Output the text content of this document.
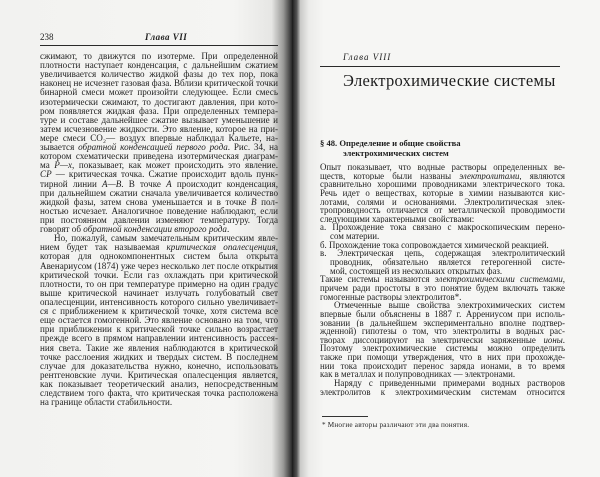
238	Глава VII
сжимают, то движутся по изотерме. При определенной
плотности наступает конденсация, с дальнейшим сжатием
увеличивается количество жидкой фазы до тех пор, пока
наконец не исчезнет газовая фаза. Вблизи критической точки
бинарной смеси может произойти следующее. Если смесь
изотермически сжимают, то достигают давления, при кото-
ром появляется жидкая фаза. При определенных темпера-
туре и составе дальнейшее сжатие вызывает уменьшение и
затем исчезновение жидкости. Это явление, которое на при-
мере смеси CO₂— воздух впервые наблюдал Кальете, на-
зывается обратной конденсацией первого рода. Рис. 34, на
котором схематически приведена изотермическая диаграм-
ма P—x, показывает, как может происходить это явление.
CP — критическая точка. Сжатие происходит вдоль пунк-
тирной линии A—B. В точке A происходит конденсация,
при дальнейшем сжатии сначала увеличивается количество
жидкой фазы, затем снова уменьшается и в точке B пол-
ностью исчезает. Аналогичное поведение наблюдают, если
при постоянном давлении изменяют температуру. Тогда
говорят об обратной конденсации второго рода.
Но, пожалуй, самым замечательным критическим явле-
нием будет так называемая критическая опалесценция,
которая для однокомпонентных систем была открыта
Авенариусом (1874) уже через несколько лет после открытия
критической точки. Если газ охлаждать при критической
плотности, то он при температуре примерно на один градус
выше критической начинает излучать голубоватый свет
опалесценции, интенсивность которого сильно увеличивает-
ся с приближением к критической точке, хотя система все
еще остается гомогенной. Это явление основано на том, что
при приближении к критической точке сильно возрастает
прежде всего в прямом направлении интенсивность рассея-
ния света. Такие же явления наблюдаются в критической
точке расслоения жидких и твердых систем. В последнем
случае для доказательства нужно, конечно, использовать
рентгеновские лучи. Критическая опалесценция является,
как показывает теоретический анализ, непосредственным
следствием того факта, что критическая точка расположена
на границе области стабильности.
Глава VIII
Электрохимические системы
§ 48. Определение и общие свойства
электрохимических систем
Опыт показывает, что водные растворы определенных ве-
ществ, которые были названы электролитами, являются
сравнительно хорошими проводниками электрического тока.
Речь идет о веществах, которые в химии называются кис-
лотами, солями и основаниями. Электролитическая элек-
тропроводность отличается от металлической проводимости
следующими характерными свойствами:
а. Прохождение тока связано с макроскопическим перено-
сом материи.
б. Прохождение тока сопровождается химической реакцией.
в. Электрическая цепь, содержащая электролитический
проводник, обязательно является гетерогенной систе-
мой, состоящей из нескольких открытых фаз.
Такие системы называются электрохимическими системами,
причем ради простоты в это понятие будем включать также
гомогенные растворы электролитов*.
Отмеченные выше свойства электрохимических систем
впервые были объяснены в 1887 г. Аррениусом при исполь-
зовании (в дальнейшем экспериментально вполне подтвер-
жденной) гипотезы о том, что электролиты в водных рас-
творах диссоциируют на электрически заряженные ионы.
Поэтому электрохимические системы можно определить
также при помощи утверждения, что в них при прохожде-
нии тока происходит перенос заряда ионами, в то время
как в металлах и полупроводниках — электронами.
Наряду с приведенными примерами водных растворов
электролитов к электрохимическим системам относится
* Многие авторы различают эти два понятия.
